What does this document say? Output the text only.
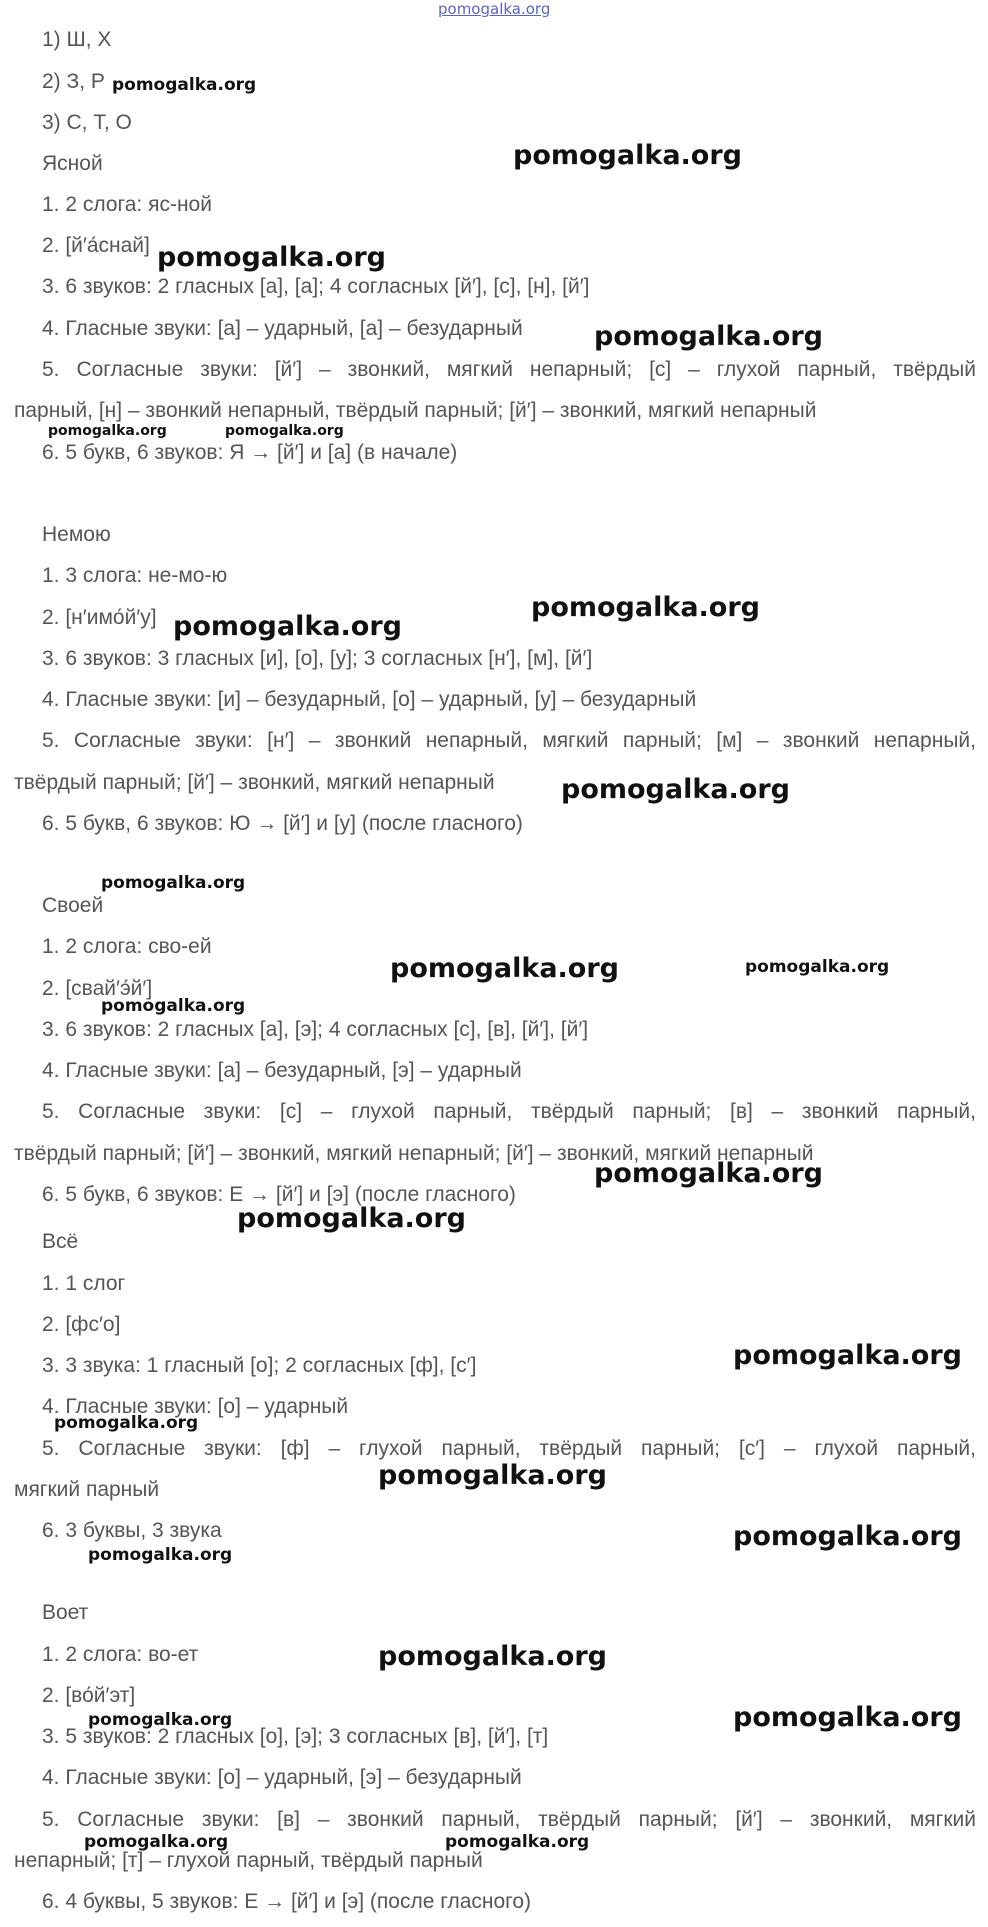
1) Ш, Х
2) З, Р
3) С, Т, О
Ясной
1. 2 слога: яс-ной
2. [й′а́снай]
3. 6 звуков: 2 гласных [а], [а]; 4 согласных [й′], [с], [н], [й′]
4. Гласные звуки: [а] – ударный, [а] – безударный
5. Согласные звуки: [й′] – звонкий, мягкий непарный; [с] – глухой парный, твёрдый
парный, [н] – звонкий непарный, твёрдый парный; [й′] – звонкий, мягкий непарный
6. 5 букв, 6 звуков: Я → [й′] и [а] (в начале)
Немою
1. 3 слога: не-мо-ю
2. [н′имо́й′у]
3. 6 звуков: 3 гласных [и], [о], [у]; 3 согласных [н′], [м], [й′]
4. Гласные звуки: [и] – безударный, [о] – ударный, [у] – безударный
5. Согласные звуки: [н′] – звонкий непарный, мягкий парный; [м] – звонкий непарный,
твёрдый парный; [й′] – звонкий, мягкий непарный
6. 5 букв, 6 звуков: Ю → [й′] и [у] (после гласного)
Своей
1. 2 слога: сво-ей
2. [свай′э́й′]
3. 6 звуков: 2 гласных [а], [э]; 4 согласных [с], [в], [й′], [й′]
4. Гласные звуки: [а] – безударный, [э] – ударный
5. Согласные звуки: [с] – глухой парный, твёрдый парный; [в] – звонкий парный,
твёрдый парный; [й′] – звонкий, мягкий непарный; [й′] – звонкий, мягкий непарный
6. 5 букв, 6 звуков: Е → [й′] и [э] (после гласного)
Всё
1. 1 слог
2. [фс′о]
3. 3 звука: 1 гласный [о]; 2 согласных [ф], [с′]
4. Гласные звуки: [о] – ударный
5. Согласные звуки: [ф] – глухой парный, твёрдый парный; [с′] – глухой парный,
мягкий парный
6. 3 буквы, 3 звука
Воет
1. 2 слога: во-ет
2. [во́й′эт]
3. 5 звуков: 2 гласных [о], [э]; 3 согласных [в], [й′], [т]
4. Гласные звуки: [о] – ударный, [э] – безударный
5. Согласные звуки: [в] – звонкий парный, твёрдый парный; [й′] – звонкий, мягкий
непарный; [т] – глухой парный, твёрдый парный
6. 4 буквы, 5 звуков: Е → [й′] и [э] (после гласного)
pomogalka.org
pomogalka.org
pomogalka.org
pomogalka.org
pomogalka.org
pomogalka.org	pomogalka.org
pomogalka.org
pomogalka.org
pomogalka.org
pomogalka.org
pomogalka.org	pomogalka.org
pomogalka.org
pomogalka.org
pomogalka.org
pomogalka.org
pomogalka.org
pomogalka.org
pomogalka.org
pomogalka.org
pomogalka.org
pomogalka.org
pomogalka.org
pomogalka.org	pomogalka.org
